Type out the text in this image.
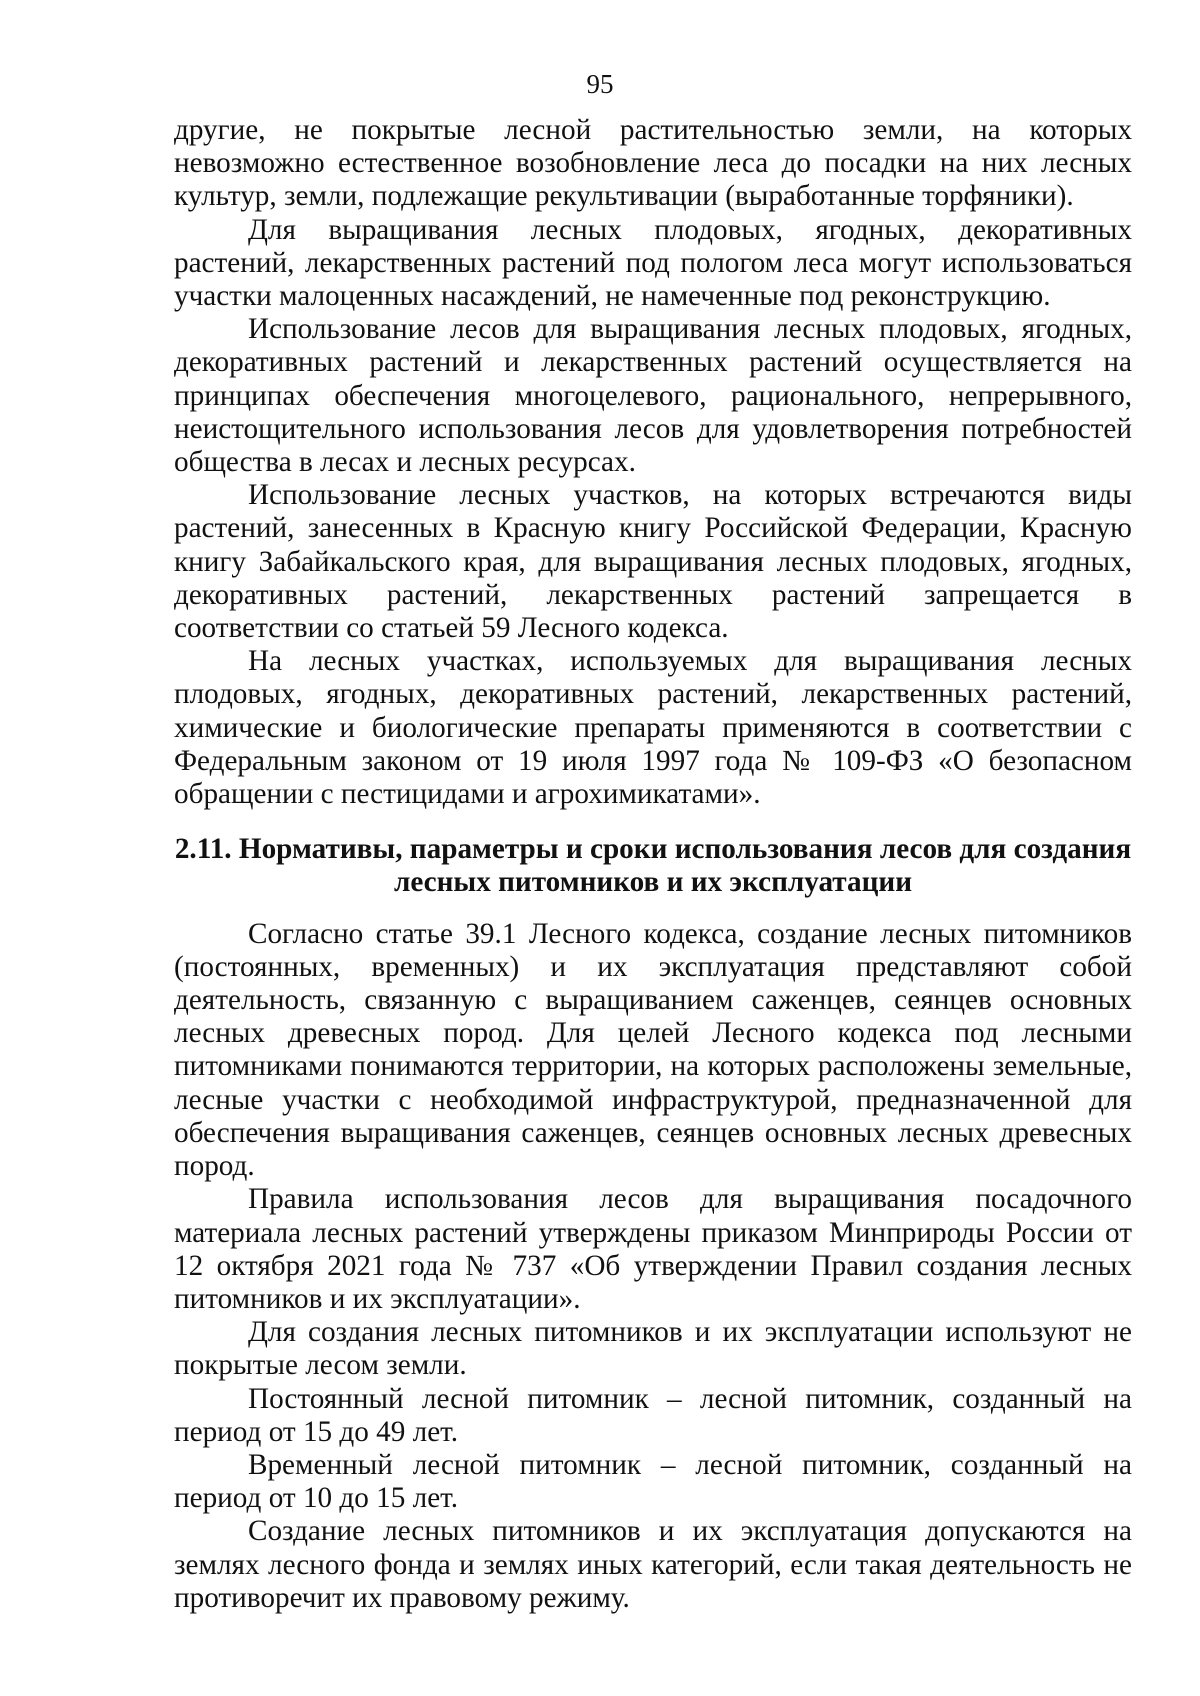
95

другие, не покрытые лесной растительностью земли, на которых невозможно естественное возобновление леса до посадки на них лесных культур, земли, подлежащие рекультивации (выработанные торфяники).

Для выращивания лесных плодовых, ягодных, декоративных растений, лекарственных растений под пологом леса могут использоваться участки малоценных насаждений, не намеченные под реконструкцию.

Использование лесов для выращивания лесных плодовых, ягодных, декоративных растений и лекарственных растений осуществляется на принципах обеспечения многоцелевого, рационального, непрерывного, неистощительного использования лесов для удовлетворения потребностей общества в лесах и лесных ресурсах.

Использование лесных участков, на которых встречаются виды растений, занесенных в Красную книгу Российской Федерации, Красную книгу Забайкальского края, для выращивания лесных плодовых, ягодных, декоративных растений, лекарственных растений запрещается в соответствии со статьей 59 Лесного кодекса.

На лесных участках, используемых для выращивания лесных плодовых, ягодных, декоративных растений, лекарственных растений, химические и биологические препараты применяются в соответствии с Федеральным законом от 19 июля 1997 года № 109-ФЗ «О безопасном обращении с пестицидами и агрохимикатами».

2.11. Нормативы, параметры и сроки использования лесов для создания
лесных питомников и их эксплуатации

Согласно статье 39.1 Лесного кодекса, создание лесных питомников (постоянных, временных) и их эксплуатация представляют собой деятельность, связанную с выращиванием саженцев, сеянцев основных лесных древесных пород. Для целей Лесного кодекса под лесными питомниками понимаются территории, на которых расположены земельные, лесные участки с необходимой инфраструктурой, предназначенной для обеспечения выращивания саженцев, сеянцев основных лесных древесных пород.

Правила использования лесов для выращивания посадочного материала лесных растений утверждены приказом Минприроды России от 12 октября 2021 года № 737 «Об утверждении Правил создания лесных питомников и их эксплуатации».

Для создания лесных питомников и их эксплуатации используют не покрытые лесом земли.

Постоянный лесной питомник – лесной питомник, созданный на период от 15 до 49 лет.

Временный лесной питомник – лесной питомник, созданный на период от 10 до 15 лет.

Создание лесных питомников и их эксплуатация допускаются на землях лесного фонда и землях иных категорий, если такая деятельность не противоречит их правовому режиму.
